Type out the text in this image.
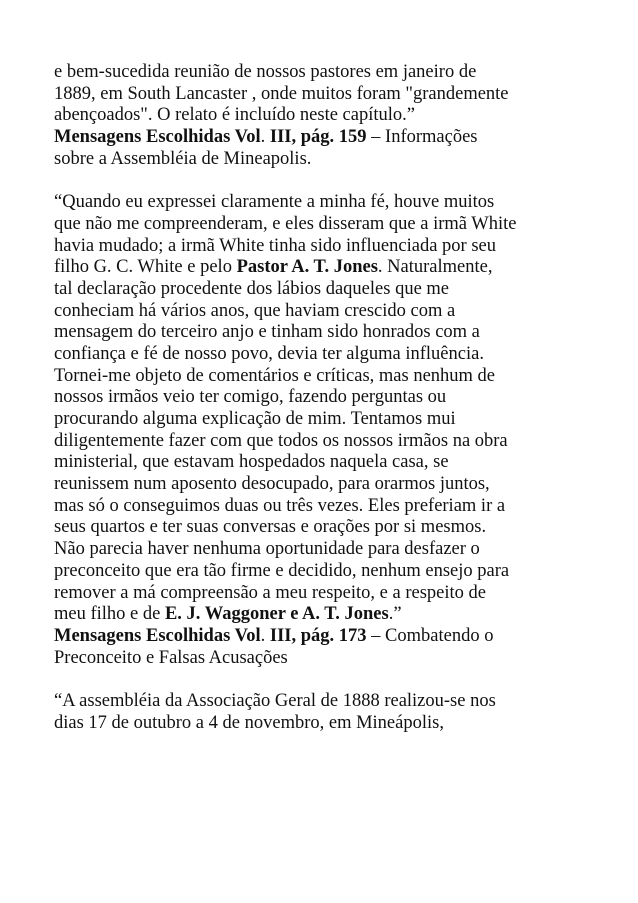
e bem-sucedida reunião de nossos pastores em janeiro de
1889, em South Lancaster , onde muitos foram "grandemente
abençoados". O relato é incluído neste capítulo.”
Mensagens Escolhidas Vol. III, pág. 159 – Informações
sobre a Assembléia de Mineapolis.
“Quando eu expressei claramente a minha fé, houve muitos
que não me compreenderam, e eles disseram que a irmã White
havia mudado; a irmã White tinha sido influenciada por seu
filho G. C. White e pelo Pastor A. T. Jones. Naturalmente,
tal declaração procedente dos lábios daqueles que me
conheciam há vários anos, que haviam crescido com a
mensagem do terceiro anjo e tinham sido honrados com a
confiança e fé de nosso povo, devia ter alguma influência.
Tornei-me objeto de comentários e críticas, mas nenhum de
nossos irmãos veio ter comigo, fazendo perguntas ou
procurando alguma explicação de mim. Tentamos mui
diligentemente fazer com que todos os nossos irmãos na obra
ministerial, que estavam hospedados naquela casa, se
reunissem num aposento desocupado, para orarmos juntos,
mas só o conseguimos duas ou três vezes. Eles preferiam ir a
seus quartos e ter suas conversas e orações por si mesmos.
Não parecia haver nenhuma oportunidade para desfazer o
preconceito que era tão firme e decidido, nenhum ensejo para
remover a má compreensão a meu respeito, e a respeito de
meu filho e de E. J. Waggoner e A. T. Jones.”
Mensagens Escolhidas Vol. III, pág. 173 – Combatendo o
Preconceito e Falsas Acusações
“A assembléia da Associação Geral de 1888 realizou-se nos
dias 17 de outubro a 4 de novembro, em Mineápolis,
